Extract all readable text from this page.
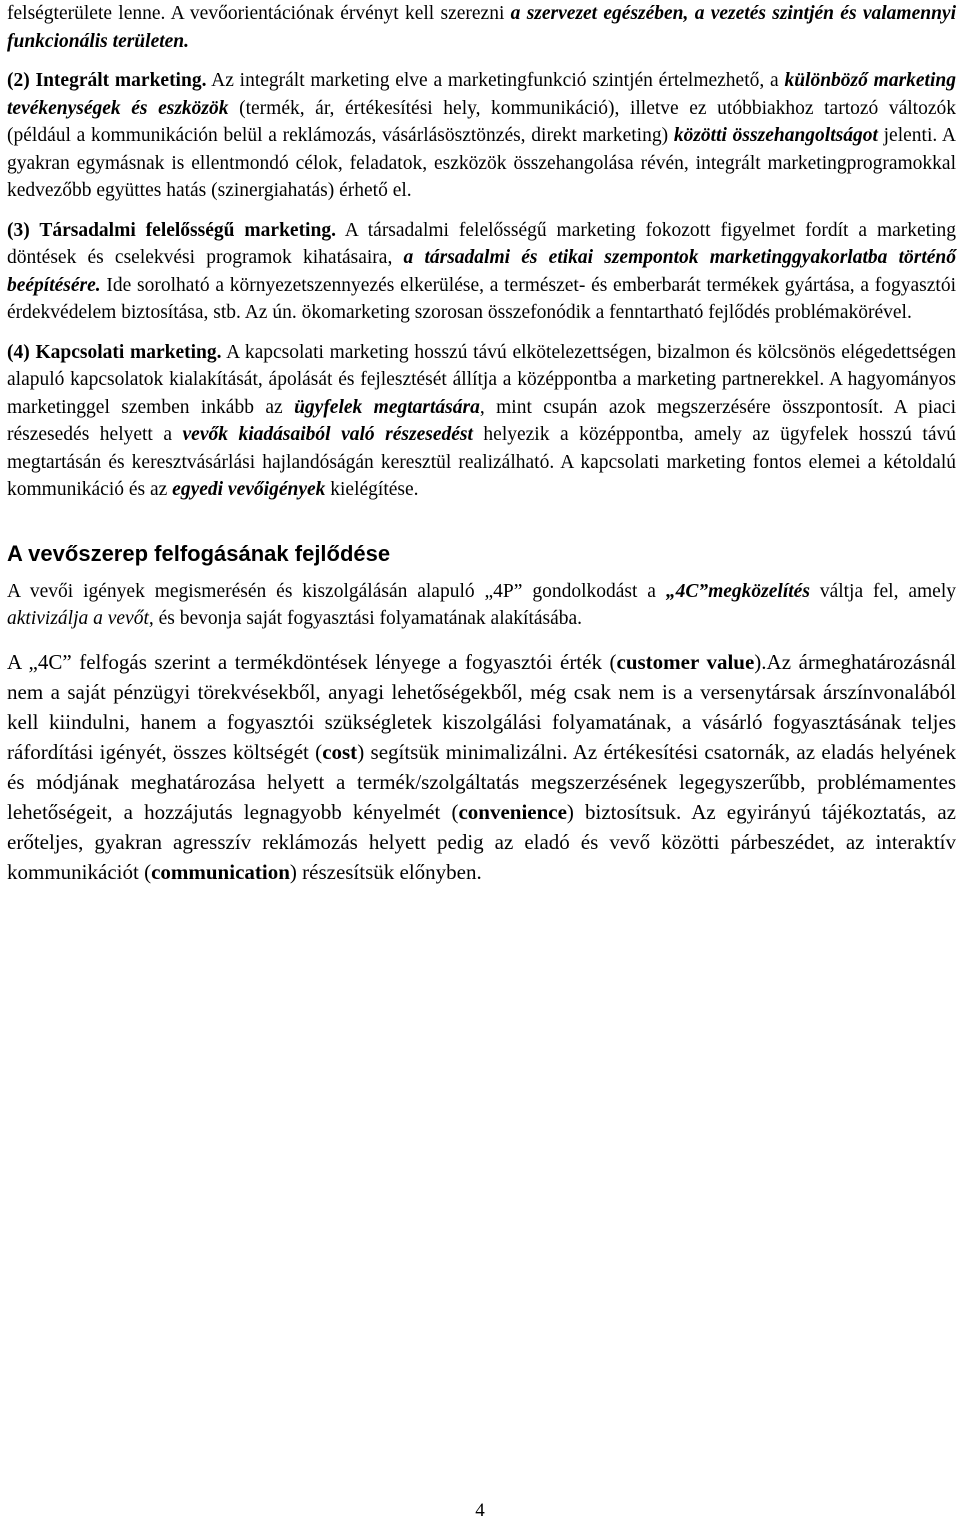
felségterülete lenne. A vevőorientációnak érvényt kell szerezni a szervezet egészében, a vezetés szintjén és valamennyi funkcionális területen.

(2) Integrált marketing. Az integrált marketing elve a marketingfunkció szintjén értelmezhető, a különböző marketing tevékenységek és eszközök (termék, ár, értékesítési hely, kommunikáció), illetve ez utóbbiakhoz tartozó változók (például a kommunikáción belül a reklámozás, vásárlásösztönzés, direkt marketing) közötti összehangoltságot jelenti. A gyakran egymásnak is ellentmondó célok, feladatok, eszközök összehangolása révén, integrált marketingprogramokkal kedvezőbb együttes hatás (szinergiahatás) érhető el.

(3) Társadalmi felelősségű marketing. A társadalmi felelősségű marketing fokozott figyelmet fordít a marketing döntések és cselekvési programok kihatásaira, a társadalmi és etikai szempontok marketinggyakorlatba történő beépítésére. Ide sorolható a környezetszennyezés elkerülése, a természet- és emberbarát termékek gyártása, a fogyasztói érdekvédelem biztosítása, stb. Az ún. ökomarketing szorosan összefonódik a fenntartható fejlődés problémakörével.

(4) Kapcsolati marketing. A kapcsolati marketing hosszú távú elkötelezettségen, bizalmon és kölcsönös elégedettségen alapuló kapcsolatok kialakítását, ápolását és fejlesztését állítja a középpontba a marketing partnerekkel. A hagyományos marketinggel szemben inkább az ügyfelek megtartására, mint csupán azok megszerzésére összpontosít. A piaci részesedés helyett a vevők kiadásaiból való részesedést helyezik a középpontba, amely az ügyfelek hosszú távú megtartásán és keresztvásárlási hajlandóságán keresztül realizálható. A kapcsolati marketing fontos elemei a kétoldalú kommunikáció és az egyedi vevőigények kielégítése.

A vevőszerep felfogásának fejlődése

A vevői igények megismerésén és kiszolgálásán alapuló „4P” gondolkodást a „4C”megközelítés váltja fel, amely aktivizálja a vevőt, és bevonja saját fogyasztási folyamatának alakításába.

A „4C” felfogás szerint a termékdöntések lényege a fogyasztói érték (customer value).Az ármeghatározásnál nem a saját pénzügyi törekvésekből, anyagi lehetőségekből, még csak nem is a versenytársak árszínvonalából kell kiindulni, hanem a fogyasztói szükségletek kiszolgálási folyamatának, a vásárló fogyasztásának teljes ráfordítási igényét, összes költségét (cost) segítsük minimalizálni. Az értékesítési csatornák, az eladás helyének és módjának meghatározása helyett a termék/szolgáltatás megszerzésének legegyszerűbb, problémamentes lehetőségeit, a hozzájutás legnagyobb kényelmét (convenience) biztosítsuk. Az egyirányú tájékoztatás, az erőteljes, gyakran agresszív reklámozás helyett pedig az eladó és vevő közötti párbeszédet, az interaktív kommunikációt (communication) részesítsük előnyben.

4
